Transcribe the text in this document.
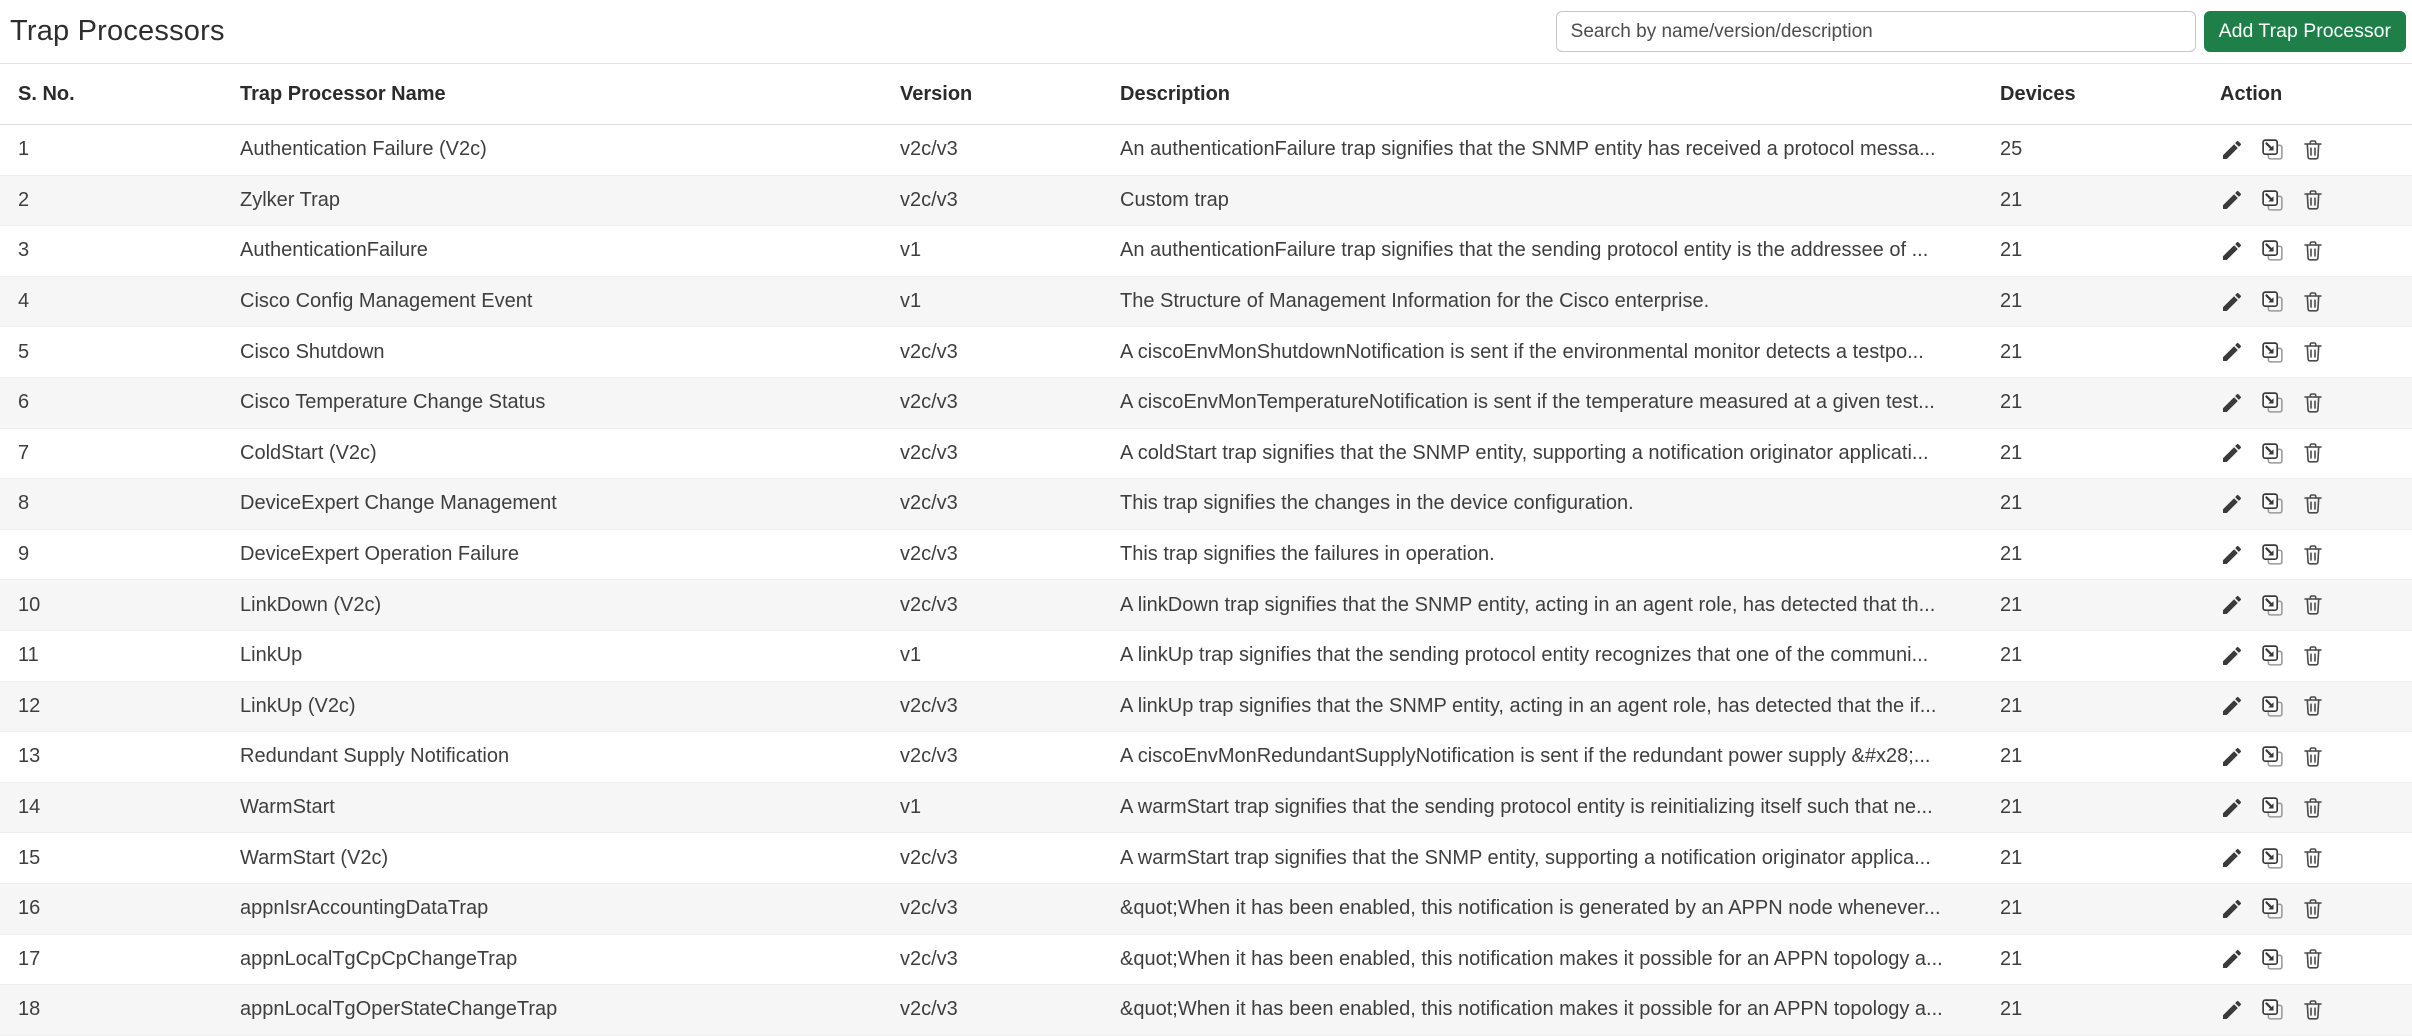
Trap Processors
Search by name/version/description	Add Trap Processor
S. No.	Trap Processor Name	Version	Description	Devices	Action
1	Authentication Failure (V2c)	v2c/v3	An authenticationFailure trap signifies that the SNMP entity has received a protocol messa...	25
2	Zylker Trap	v2c/v3	Custom trap	21
3	AuthenticationFailure	v1	An authenticationFailure trap signifies that the sending protocol entity is the addressee of ...	21
4	Cisco Config Management Event	v1	The Structure of Management Information for the Cisco enterprise.	21
5	Cisco Shutdown	v2c/v3	A ciscoEnvMonShutdownNotification is sent if the environmental monitor detects a testpo...	21
6	Cisco Temperature Change Status	v2c/v3	A ciscoEnvMonTemperatureNotification is sent if the temperature measured at a given test...	21
7	ColdStart (V2c)	v2c/v3	A coldStart trap signifies that the SNMP entity, supporting a notification originator applicati...	21
8	DeviceExpert Change Management	v2c/v3	This trap signifies the changes in the device configuration.	21
9	DeviceExpert Operation Failure	v2c/v3	This trap signifies the failures in operation.	21
10	LinkDown (V2c)	v2c/v3	A linkDown trap signifies that the SNMP entity, acting in an agent role, has detected that th...	21
11	LinkUp	v1	A linkUp trap signifies that the sending protocol entity recognizes that one of the communi...	21
12	LinkUp (V2c)	v2c/v3	A linkUp trap signifies that the SNMP entity, acting in an agent role, has detected that the if...	21
13	Redundant Supply Notification	v2c/v3	A ciscoEnvMonRedundantSupplyNotification is sent if the redundant power supply &#x28;...	21
14	WarmStart	v1	A warmStart trap signifies that the sending protocol entity is reinitializing itself such that ne...	21
15	WarmStart (V2c)	v2c/v3	A warmStart trap signifies that the SNMP entity, supporting a notification originator applica...	21
16	appnIsrAccountingDataTrap	v2c/v3	&quot;When it has been enabled, this notification is generated by an APPN node whenever...	21
17	appnLocalTgCpCpChangeTrap	v2c/v3	&quot;When it has been enabled, this notification makes it possible for an APPN topology a...	21
18	appnLocalTgOperStateChangeTrap	v2c/v3	&quot;When it has been enabled, this notification makes it possible for an APPN topology a...	21
